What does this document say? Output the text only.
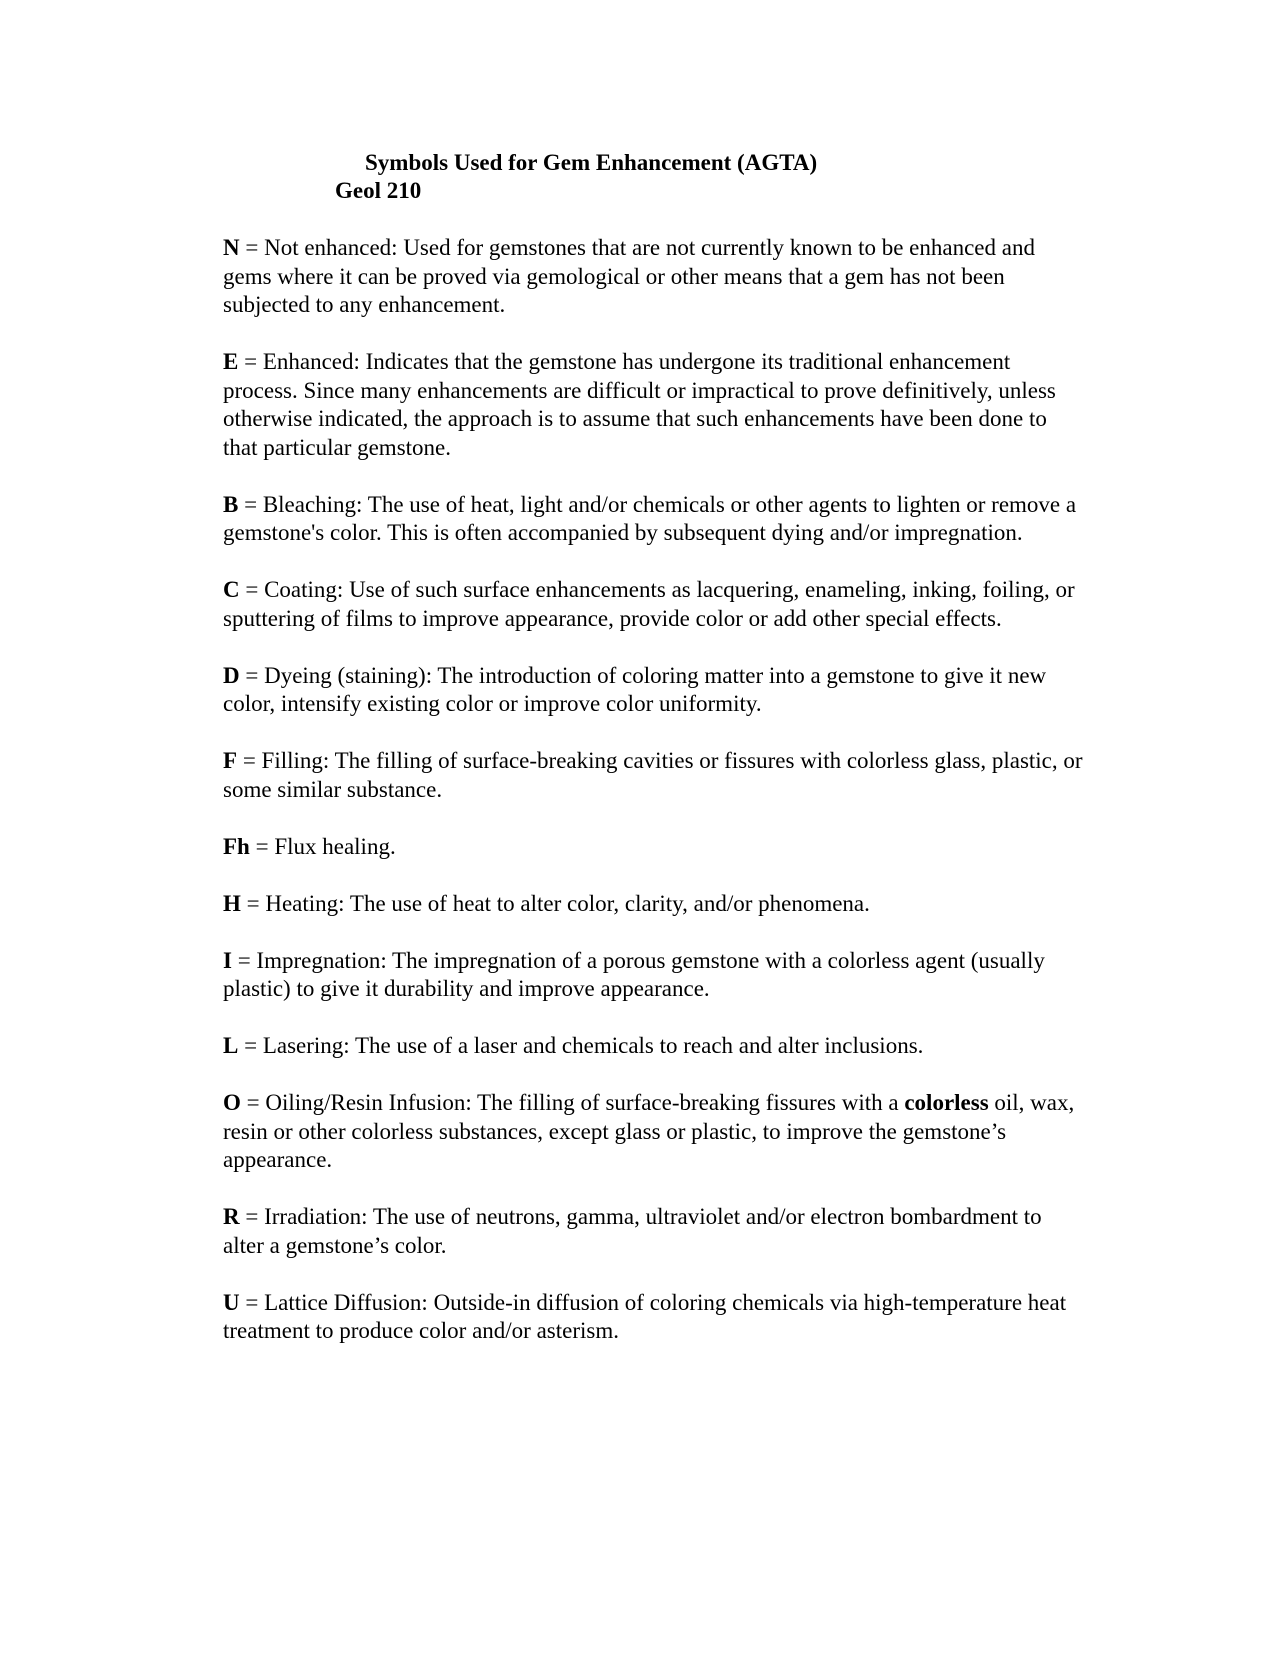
Symbols Used for Gem Enhancement (AGTA)
Geol 210
N = Not enhanced: Used for gemstones that are not currently known to be enhanced and gems where it can be proved via gemological or other means that a gem has not been subjected to any enhancement.
E = Enhanced: Indicates that the gemstone has undergone its traditional enhancement process. Since many enhancements are difficult or impractical to prove definitively, unless otherwise indicated, the approach is to assume that such enhancements have been done to that particular gemstone.
B = Bleaching: The use of heat, light and/or chemicals or other agents to lighten or remove a gemstone's color. This is often accompanied by subsequent dying and/or impregnation.
C = Coating: Use of such surface enhancements as lacquering, enameling, inking, foiling, or sputtering of films to improve appearance, provide color or add other special effects.
D = Dyeing (staining): The introduction of coloring matter into a gemstone to give it new color, intensify existing color or improve color uniformity.
F = Filling: The filling of surface-breaking cavities or fissures with colorless glass, plastic, or some similar substance.
Fh = Flux healing.
H = Heating: The use of heat to alter color, clarity, and/or phenomena.
I = Impregnation: The impregnation of a porous gemstone with a colorless agent (usually plastic) to give it durability and improve appearance.
L = Lasering: The use of a laser and chemicals to reach and alter inclusions.
O = Oiling/Resin Infusion: The filling of surface-breaking fissures with a colorless oil, wax, resin or other colorless substances, except glass or plastic, to improve the gemstone’s appearance.
R = Irradiation: The use of neutrons, gamma, ultraviolet and/or electron bombardment to alter a gemstone’s color.
U = Lattice Diffusion: Outside-in diffusion of coloring chemicals via high-temperature heat treatment to produce color and/or asterism.
